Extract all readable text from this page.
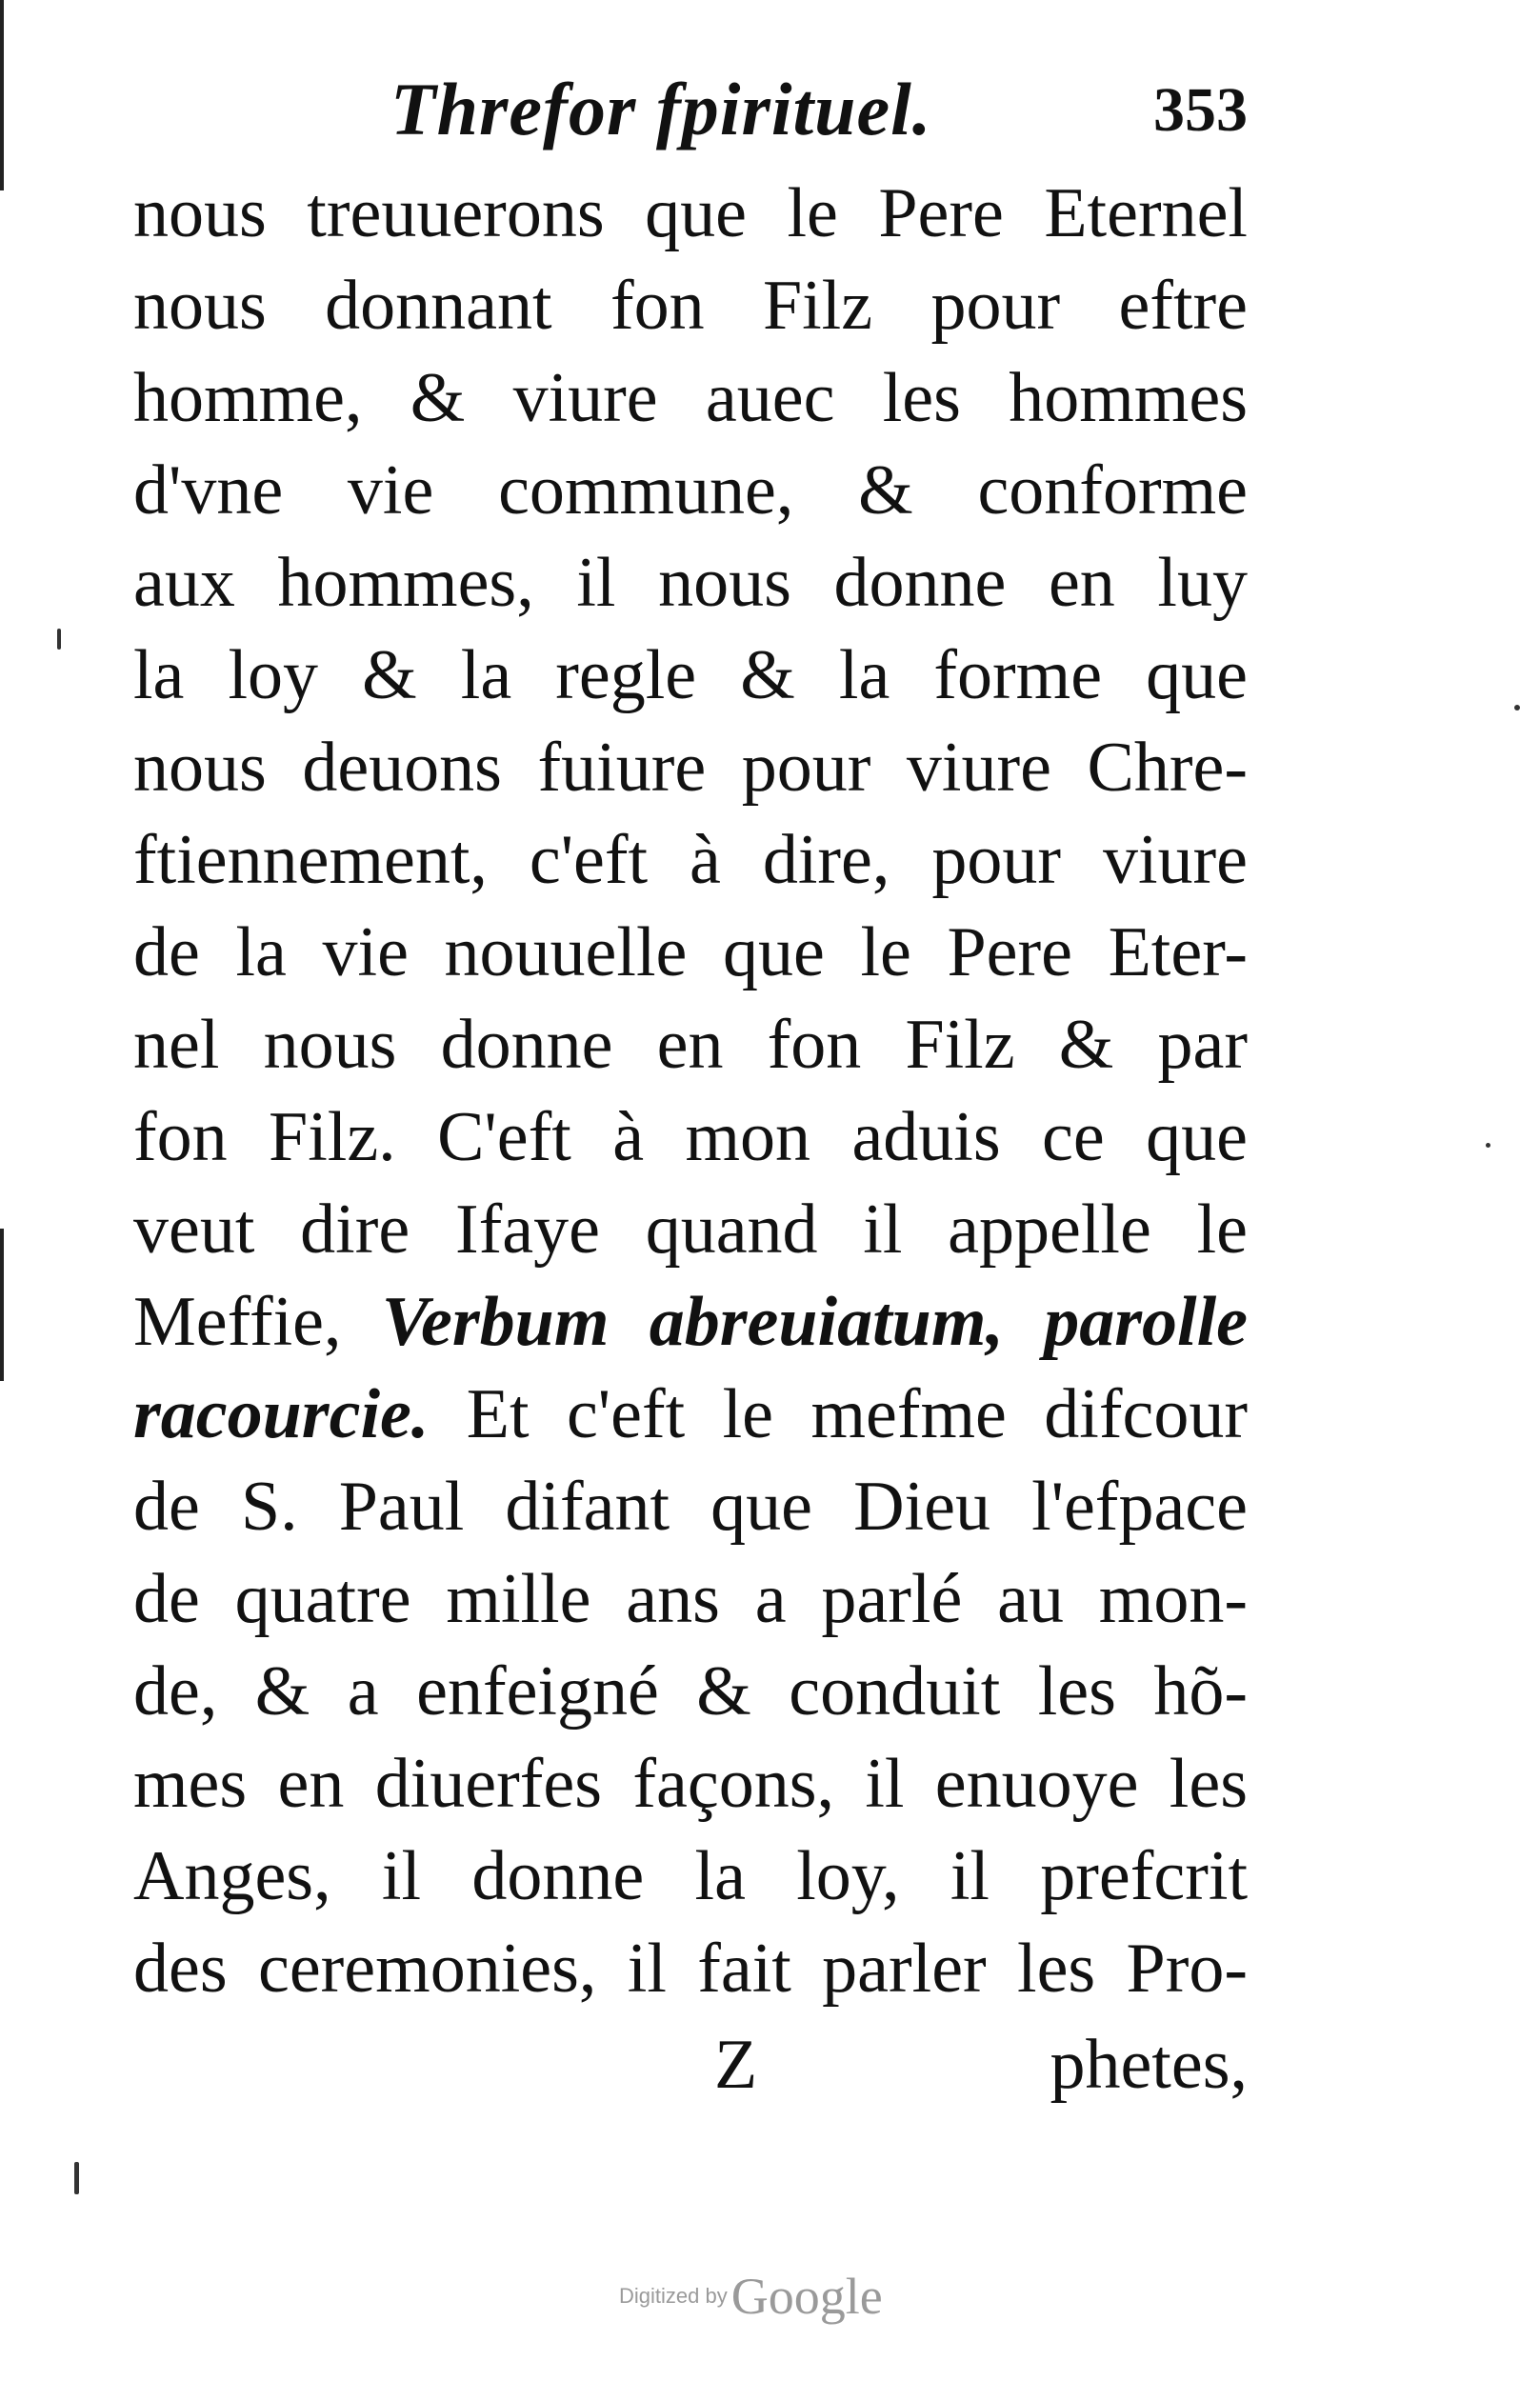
Threfor fpirituel.	353
nous treuuerons que le Pere Eternel
nous donnant fon Filz pour eftre
homme, & viure auec les hommes
d'vne vie commune, & conforme
aux hommes, il nous donne en luy
la loy & la regle & la forme que
nous deuons fuiure pour viure Chre-
ftiennement, c'eft à dire, pour viure
de la vie nouuelle que le Pere Eter-
nel nous donne en fon Filz & par
fon Filz. C'eft à mon aduis ce que
veut dire Ifaye quand il appelle le
Meffie, Verbum abreuiatum, parolle
racourcie. Et c'eft le mefme difcour
de S. Paul difant que Dieu l'efpace
de quatre mille ans a parlé au mon-
de, & a enfeigné & conduit les hõ-
mes en diuerfes façons, il enuoye les
Anges, il donne la loy, il prefcrit
des ceremonies, il fait parler les Pro-
Z	phetes,
Digitized by Google
